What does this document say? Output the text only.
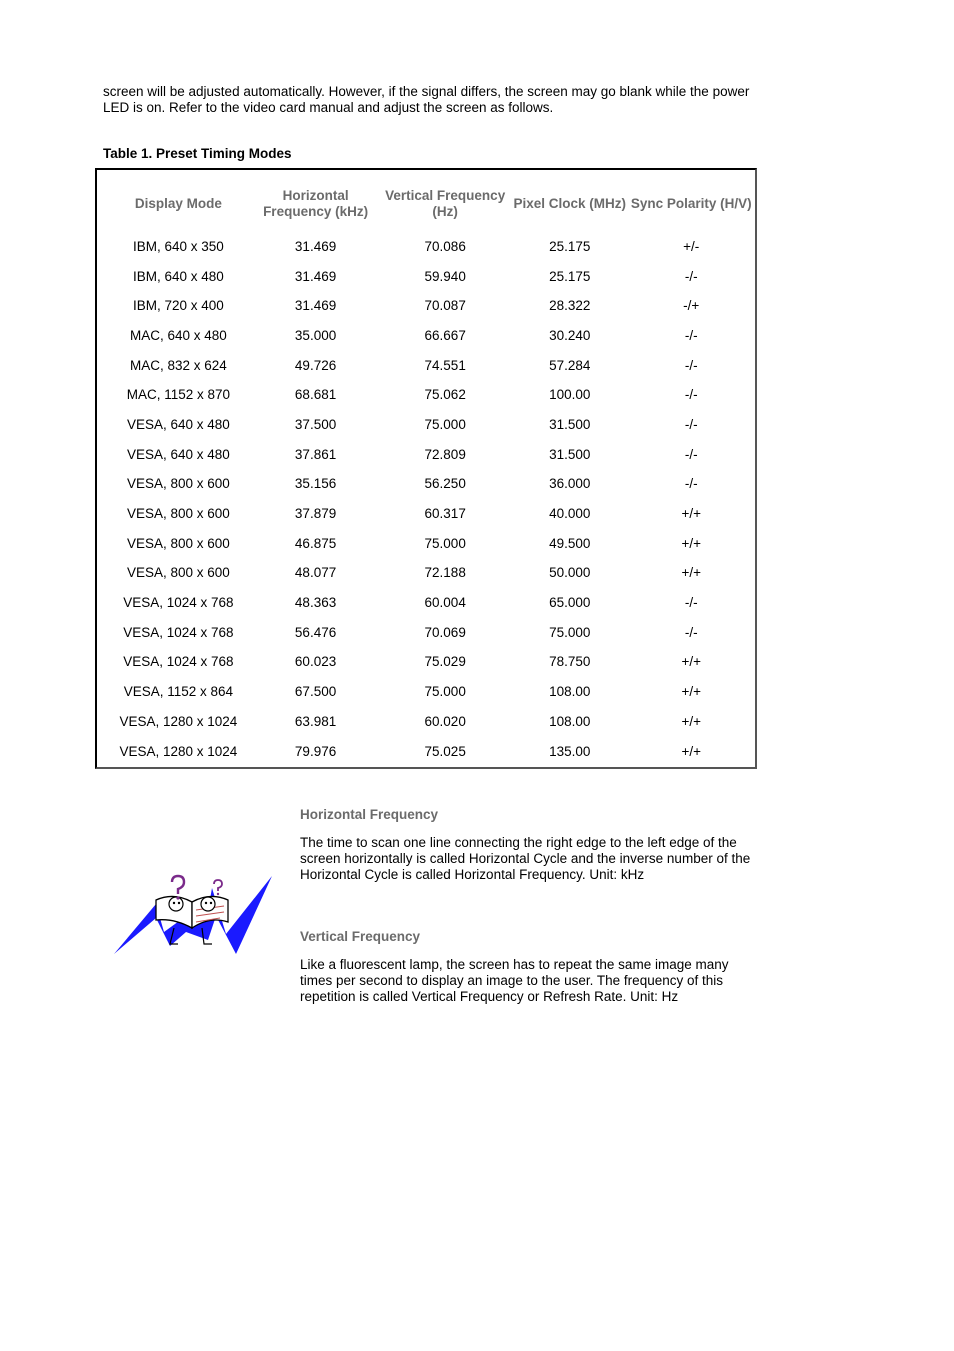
screen will be adjusted automatically. However, if the signal differs, the screen may go blank while the power LED is on. Refer to the video card manual and adjust the screen as follows.

Table 1. Preset Timing Modes

Display Mode	Horizontal Frequency (kHz)	Vertical Frequency (Hz)	Pixel Clock (MHz)	Sync Polarity (H/V)
IBM, 640 x 350	31.469	70.086	25.175	+/-
IBM, 640 x 480	31.469	59.940	25.175	-/-
IBM, 720 x 400	31.469	70.087	28.322	-/+
MAC, 640 x 480	35.000	66.667	30.240	-/-
MAC, 832 x 624	49.726	74.551	57.284	-/-
MAC, 1152 x 870	68.681	75.062	100.00	-/-
VESA, 640 x 480	37.500	75.000	31.500	-/-
VESA, 640 x 480	37.861	72.809	31.500	-/-
VESA, 800 x 600	35.156	56.250	36.000	-/-
VESA, 800 x 600	37.879	60.317	40.000	+/+
VESA, 800 x 600	46.875	75.000	49.500	+/+
VESA, 800 x 600	48.077	72.188	50.000	+/+
VESA, 1024 x 768	48.363	60.004	65.000	-/-
VESA, 1024 x 768	56.476	70.069	75.000	-/-
VESA, 1024 x 768	60.023	75.029	78.750	+/+
VESA, 1152 x 864	67.500	75.000	108.00	+/+
VESA, 1280 x 1024	63.981	60.020	108.00	+/+
VESA, 1280 x 1024	79.976	75.025	135.00	+/+

Horizontal Frequency

The time to scan one line connecting the right edge to the left edge of the screen horizontally is called Horizontal Cycle and the inverse number of the Horizontal Cycle is called Horizontal Frequency. Unit: kHz

Vertical Frequency

Like a fluorescent lamp, the screen has to repeat the same image many times per second to display an image to the user. The frequency of this repetition is called Vertical Frequency or Refresh Rate. Unit: Hz
